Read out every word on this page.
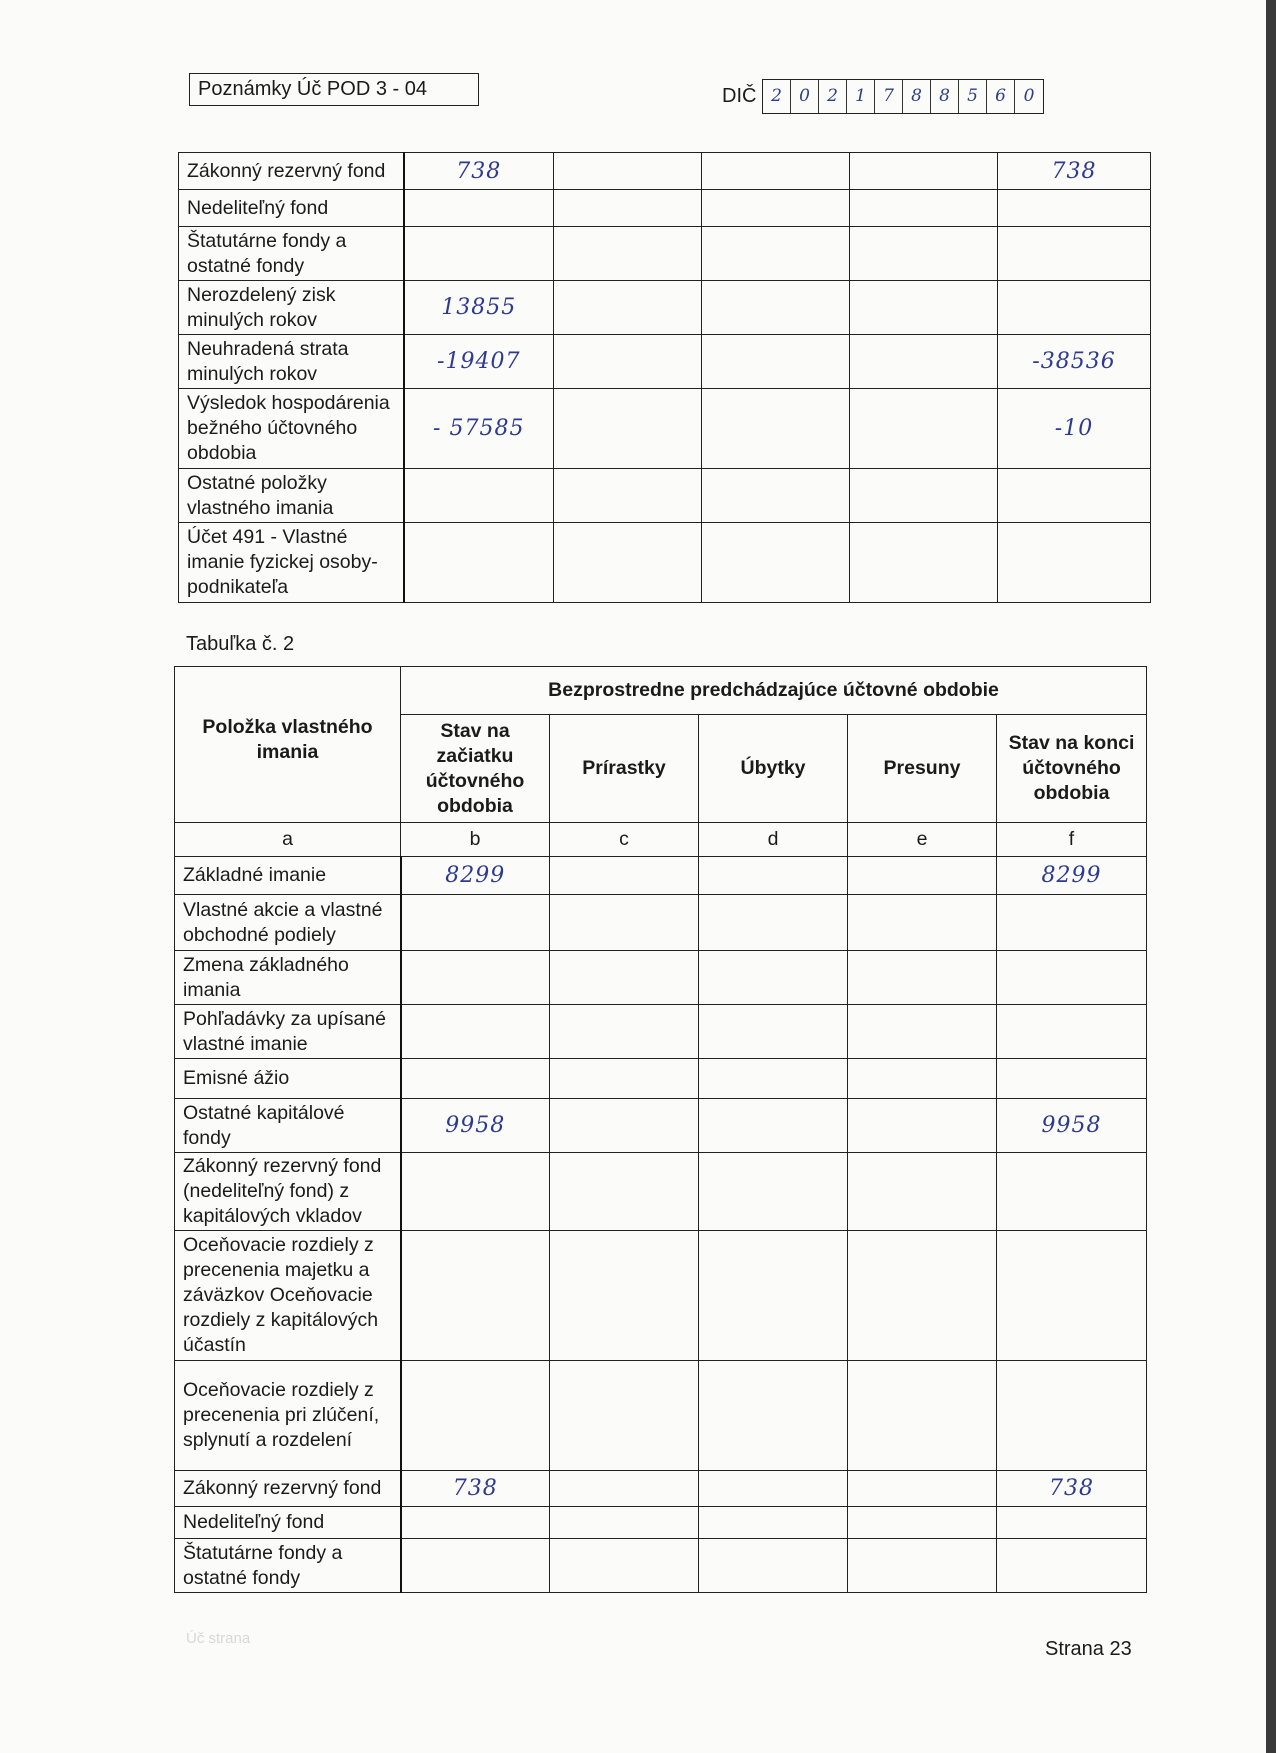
Poznámky Úč POD 3 - 04	DIČ 2	0	2	1	7	8	8	5	6	0
Zákonný rezervný fond	738				738
Nedeliteľný fond					
Štatutárne fondy a ostatné fondy					
Nerozdelený zisk minulých rokov	13855				
Neuhradená strata minulých rokov	-19407				-38536
Výsledok hospodárenia bežného účtovného obdobia	- 57585				-10
Ostatné položky vlastného imania					
Účet 491 - Vlastné imanie fyzickej osoby-podnikateľa					
Tabuľka č. 2
Položka vlastného imania	Bezprostredne predchádzajúce účtovné obdobie				
	Stav na začiatku účtovného obdobia	Prírastky	Úbytky	Presuny	Stav na konci účtovného obdobia
a	b	c	d	e	f
Základné imanie	8299				8299
Vlastné akcie a vlastné obchodné podiely					
Zmena základného imania					
Pohľadávky za upísané vlastné imanie					
Emisné ážio					
Ostatné kapitálové fondy	9958				9958
Zákonný rezervný fond (nedeliteľný fond) z kapitálových vkladov					
Oceňovacie rozdiely z precenenia majetku a záväzkov Oceňovacie rozdiely z kapitálových účastín					
Oceňovacie rozdiely z precenenia pri zlúčení, splynutí a rozdelení					
Zákonný rezervný fond	738				738
Nedeliteľný fond					
Štatutárne fondy a ostatné fondy					
Strana 23
Úč strana
